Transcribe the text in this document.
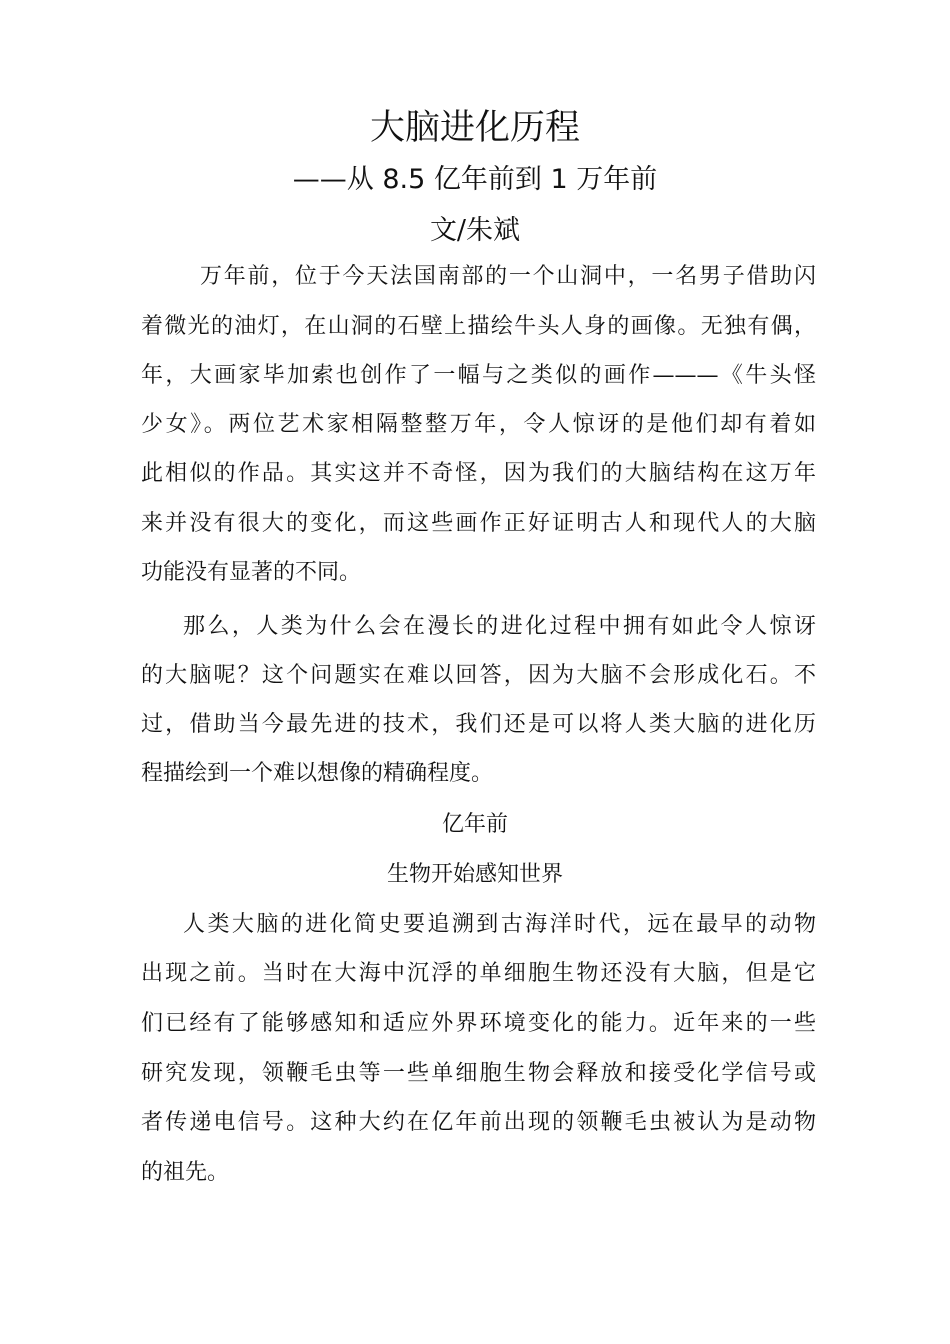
大脑进化历程
——从 8.5 亿年前到 1 万年前
文/朱斌
万年前，位于今天法国南部的一个山洞中，一名男子借助闪
着微光的油灯，在山洞的石壁上描绘牛头人身的画像。无独有偶，
年，大画家毕加索也创作了一幅与之类似的画作———《牛头怪
少女》。两位艺术家相隔整整万年，令人惊讶的是他们却有着如
此相似的作品。其实这并不奇怪，因为我们的大脑结构在这万年
来并没有很大的变化，而这些画作正好证明古人和现代人的大脑
功能没有显著的不同。
那么，人类为什么会在漫长的进化过程中拥有如此令人惊讶
的大脑呢？这个问题实在难以回答，因为大脑不会形成化石。不
过，借助当今最先进的技术，我们还是可以将人类大脑的进化历
程描绘到一个难以想像的精确程度。
亿年前
生物开始感知世界
人类大脑的进化简史要追溯到古海洋时代，远在最早的动物
出现之前。当时在大海中沉浮的单细胞生物还没有大脑，但是它
们已经有了能够感知和适应外界环境变化的能力。近年来的一些
研究发现，领鞭毛虫等一些单细胞生物会释放和接受化学信号或
者传递电信号。这种大约在亿年前出现的领鞭毛虫被认为是动物
的祖先。
